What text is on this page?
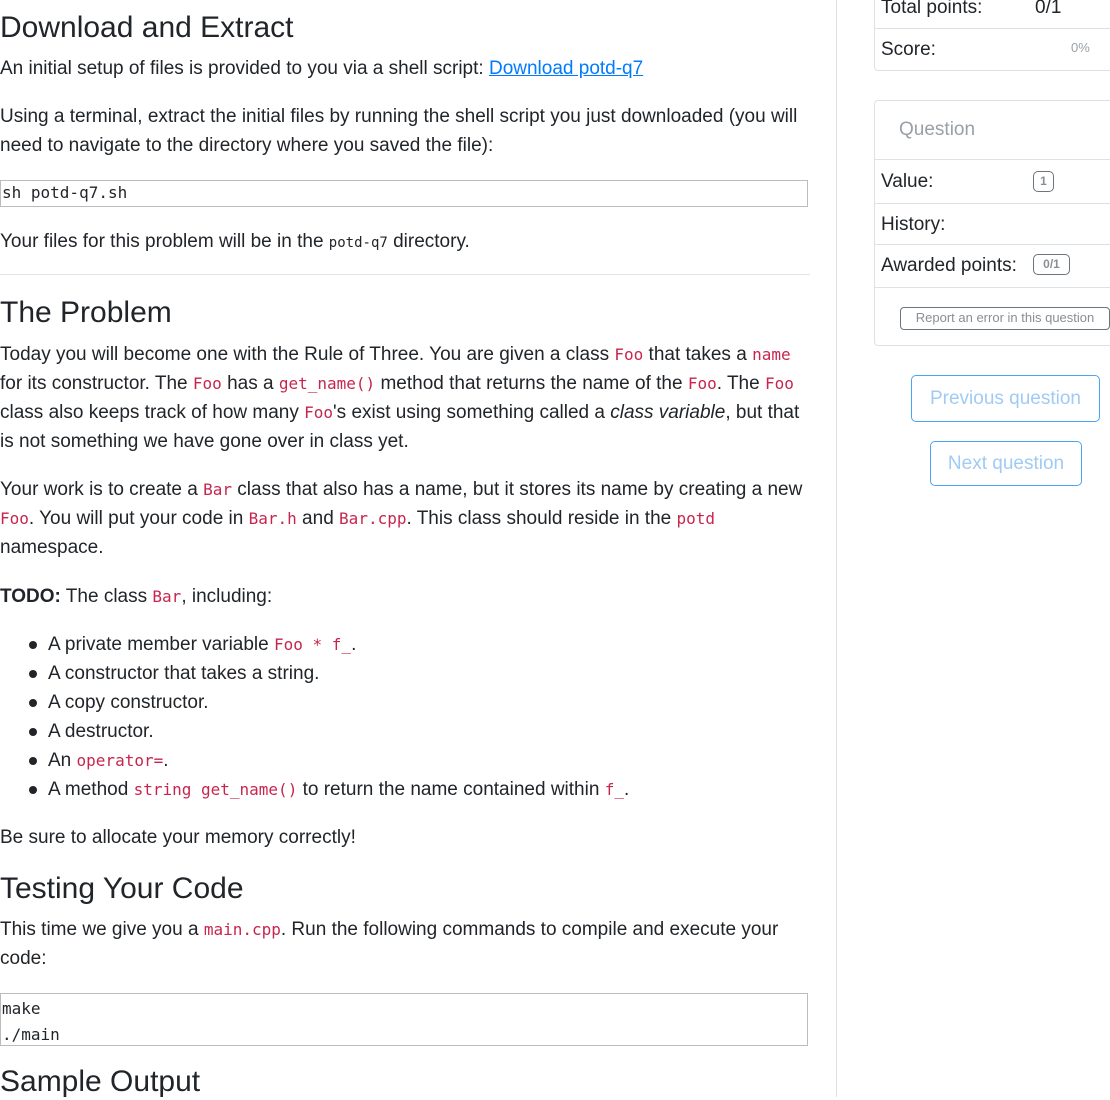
Download and Extract

An initial setup of files is provided to you via a shell script: Download potd-q7

Using a terminal, extract the initial files by running the shell script you just downloaded (you will need to navigate to the directory where you saved the file):

sh potd-q7.sh

Your files for this problem will be in the potd-q7 directory.

The Problem

Today you will become one with the Rule of Three. You are given a class Foo that takes a name for its constructor. The Foo has a get_name() method that returns the name of the Foo. The Foo class also keeps track of how many Foo's exist using something called a class variable, but that is not something we have gone over in class yet.

Your work is to create a Bar class that also has a name, but it stores its name by creating a new Foo. You will put your code in Bar.h and Bar.cpp. This class should reside in the potd namespace.

TODO: The class Bar, including:

A private member variable Foo * f_.
A constructor that takes a string.
A copy constructor.
A destructor.
An operator=.
A method string get_name() to return the name contained within f_.

Be sure to allocate your memory correctly!

Testing Your Code

This time we give you a main.cpp. Run the following commands to compile and execute your code:

make
./main
Sample Output
Total points:	0/1
Score:	0%
Question
Value:	1
History:
Awarded points:	0/1
Report an error in this question
Previous question
Next question
